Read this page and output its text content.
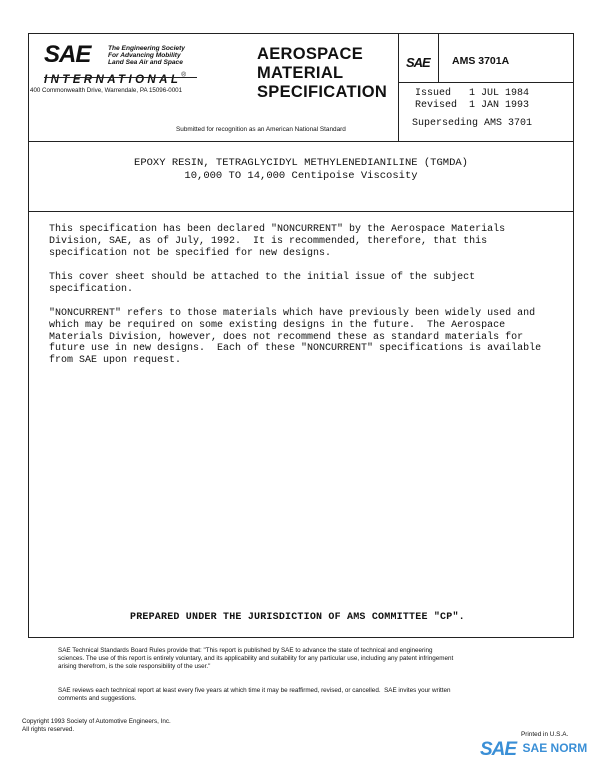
SAE	The Engineering Society
For Advancing Mobility
Land Sea Air and Space
INTERNATIONAL®
400 Commonwealth Drive, Warrendale, PA 15096-0001
AEROSPACE
MATERIAL
SPECIFICATION
SAE AMS 3701A
Issued 1 JUL 1984
Revised 1 JAN 1993
Superseding AMS 3701
Submitted for recognition as an American National Standard
EPOXY RESIN, TETRAGLYCIDYL METHYLENEDIANILINE (TGMDA)
10,000 TO 14,000 Centipoise Viscosity
This specification has been declared "NONCURRENT" by the Aerospace Materials
Division, SAE, as of July, 1992.  It is recommended, therefore, that this
specification not be specified for new designs.
This cover sheet should be attached to the initial issue of the subject
specification.
"NONCURRENT" refers to those materials which have previously been widely used and
which may be required on some existing designs in the future.  The Aerospace
Materials Division, however, does not recommend these as standard materials for
future use in new designs.  Each of these "NONCURRENT" specifications is available
from SAE upon request.
PREPARED UNDER THE JURISDICTION OF AMS COMMITTEE "CP".
SAE Technical Standards Board Rules provide that: "This report is published by SAE to advance the state of technical and engineering
sciences. The use of this report is entirely voluntary, and its applicability and suitability for any particular use, including any patent infringement
arising therefrom, is the sole responsibility of the user."
SAE reviews each technical report at least every five years at which time it may be reaffirmed, revised, or cancelled.  SAE invites your written
comments and suggestions.
Copyright 1993 Society of Automotive Engineers, Inc.
All rights reserved.
Printed in U.S.A.
SAE SAE NORM
